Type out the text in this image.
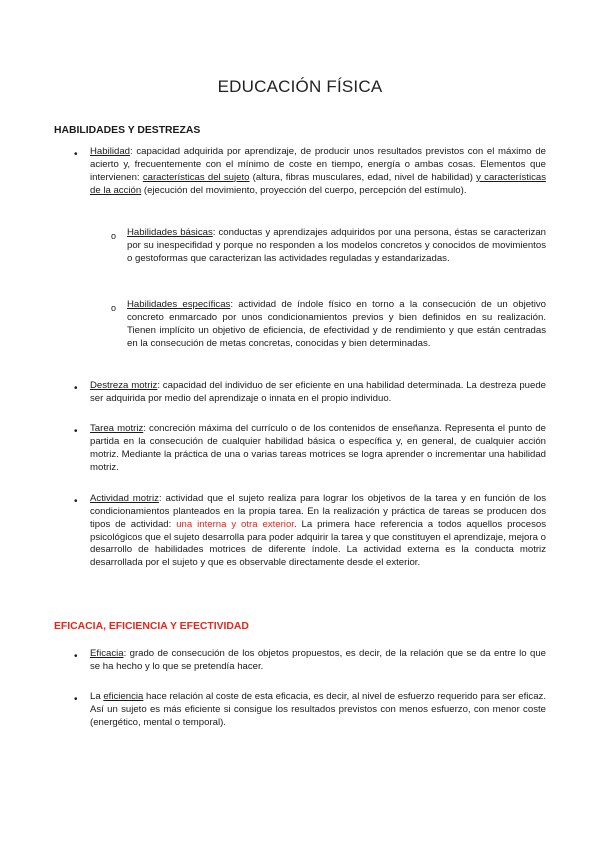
EDUCACIÓN FÍSICA
HABILIDADES Y DESTREZAS
• Habilidad: capacidad adquirida por aprendizaje, de producir unos resultados previstos con el máximo de acierto y, frecuentemente con el mínimo de coste en tiempo, energía o ambas cosas. Elementos que intervienen: características del sujeto (altura, fibras musculares, edad, nivel de habilidad) y características de la acción (ejecución del movimiento, proyección del cuerpo, percepción del estímulo).
o Habilidades básicas: conductas y aprendizajes adquiridos por una persona, éstas se caracterizan por su inespecifidad y porque no responden a los modelos concretos y conocidos de movimientos o gestoformas que caracterizan las actividades reguladas y estandarizadas.
o Habilidades específicas: actividad de índole físico en torno a la consecución de un objetivo concreto enmarcado por unos condicionamientos previos y bien definidos en su realización. Tienen implícito un objetivo de eficiencia, de efectividad y de rendimiento y que están centradas en la consecución de metas concretas, conocidas y bien determinadas.
• Destreza motriz: capacidad del individuo de ser eficiente en una habilidad determinada. La destreza puede ser adquirida por medio del aprendizaje o innata en el propio individuo.
• Tarea motriz: concreción máxima del currículo o de los contenidos de enseñanza. Representa el punto de partida en la consecución de cualquier habilidad básica o específica y, en general, de cualquier acción motriz. Mediante la práctica de una o varias tareas motrices se logra aprender o incrementar una habilidad motriz.
• Actividad motriz: actividad que el sujeto realiza para lograr los objetivos de la tarea y en función de los condicionamientos planteados en la propia tarea. En la realización y práctica de tareas se producen dos tipos de actividad: una interna y otra exterior. La primera hace referencia a todos aquellos procesos psicológicos que el sujeto desarrolla para poder adquirir la tarea y que constituyen el aprendizaje, mejora o desarrollo de habilidades motrices de diferente índole. La actividad externa es la conducta motriz desarrollada por el sujeto y que es observable directamente desde el exterior.
EFICACIA, EFICIENCIA Y EFECTIVIDAD
• Eficacia: grado de consecución de los objetos propuestos, es decir, de la relación que se da entre lo que se ha hecho y lo que se pretendía hacer.
• La eficiencia hace relación al coste de esta eficacia, es decir, al nivel de esfuerzo requerido para ser eficaz. Así un sujeto es más eficiente si consigue los resultados previstos con menos esfuerzo, con menor coste (energético, mental o temporal).
